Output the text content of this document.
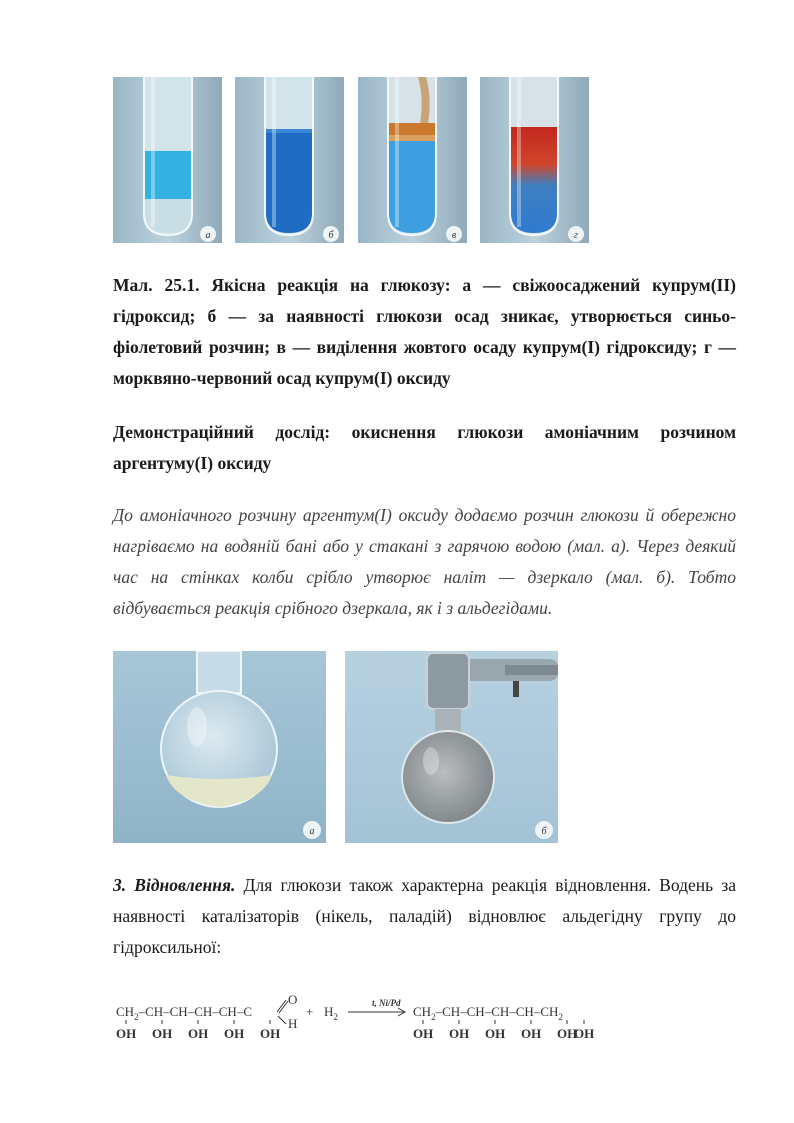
а	б	в	г

Мал. 25.1. Якісна реакція на глюкозу: а — свіжоосаджений купрум(II) гідроксид; б — за наявності глюкози осад зникає, утворюється синьо-фіолетовий розчин; в — виділення жовтого осаду купрум(I) гідроксиду; г — морквяно-червоний осад купрум(I) оксиду

Демонстраційний дослід: окиснення глюкози амоніачним розчином аргентуму(I) оксиду

До амоніачного розчину аргентум(I) оксиду додаємо розчин глюкози й обережно нагріваємо на водяній бані або у стакані з гарячою водою (мал. а). Через деякий час на стінках колби срібло утворює наліт — дзеркало (мал. б). Тобто відбувається реакція срібного дзеркала, як і з альдегідами.

а	б

3. Відновлення. Для глюкози також характерна реакція відновлення. Водень за наявності каталізаторів (нікель, паладій) відновлює альдегідну групу до гідроксильної:

$CH_2-CH-CH-CH-CH-C$
O
H
+ $H_2$
t, Ni/Pd
$CH_2-CH-CH-CH-CH-CH_2$
OH OH OH OH OH	OH OH OH OH OH
OH
